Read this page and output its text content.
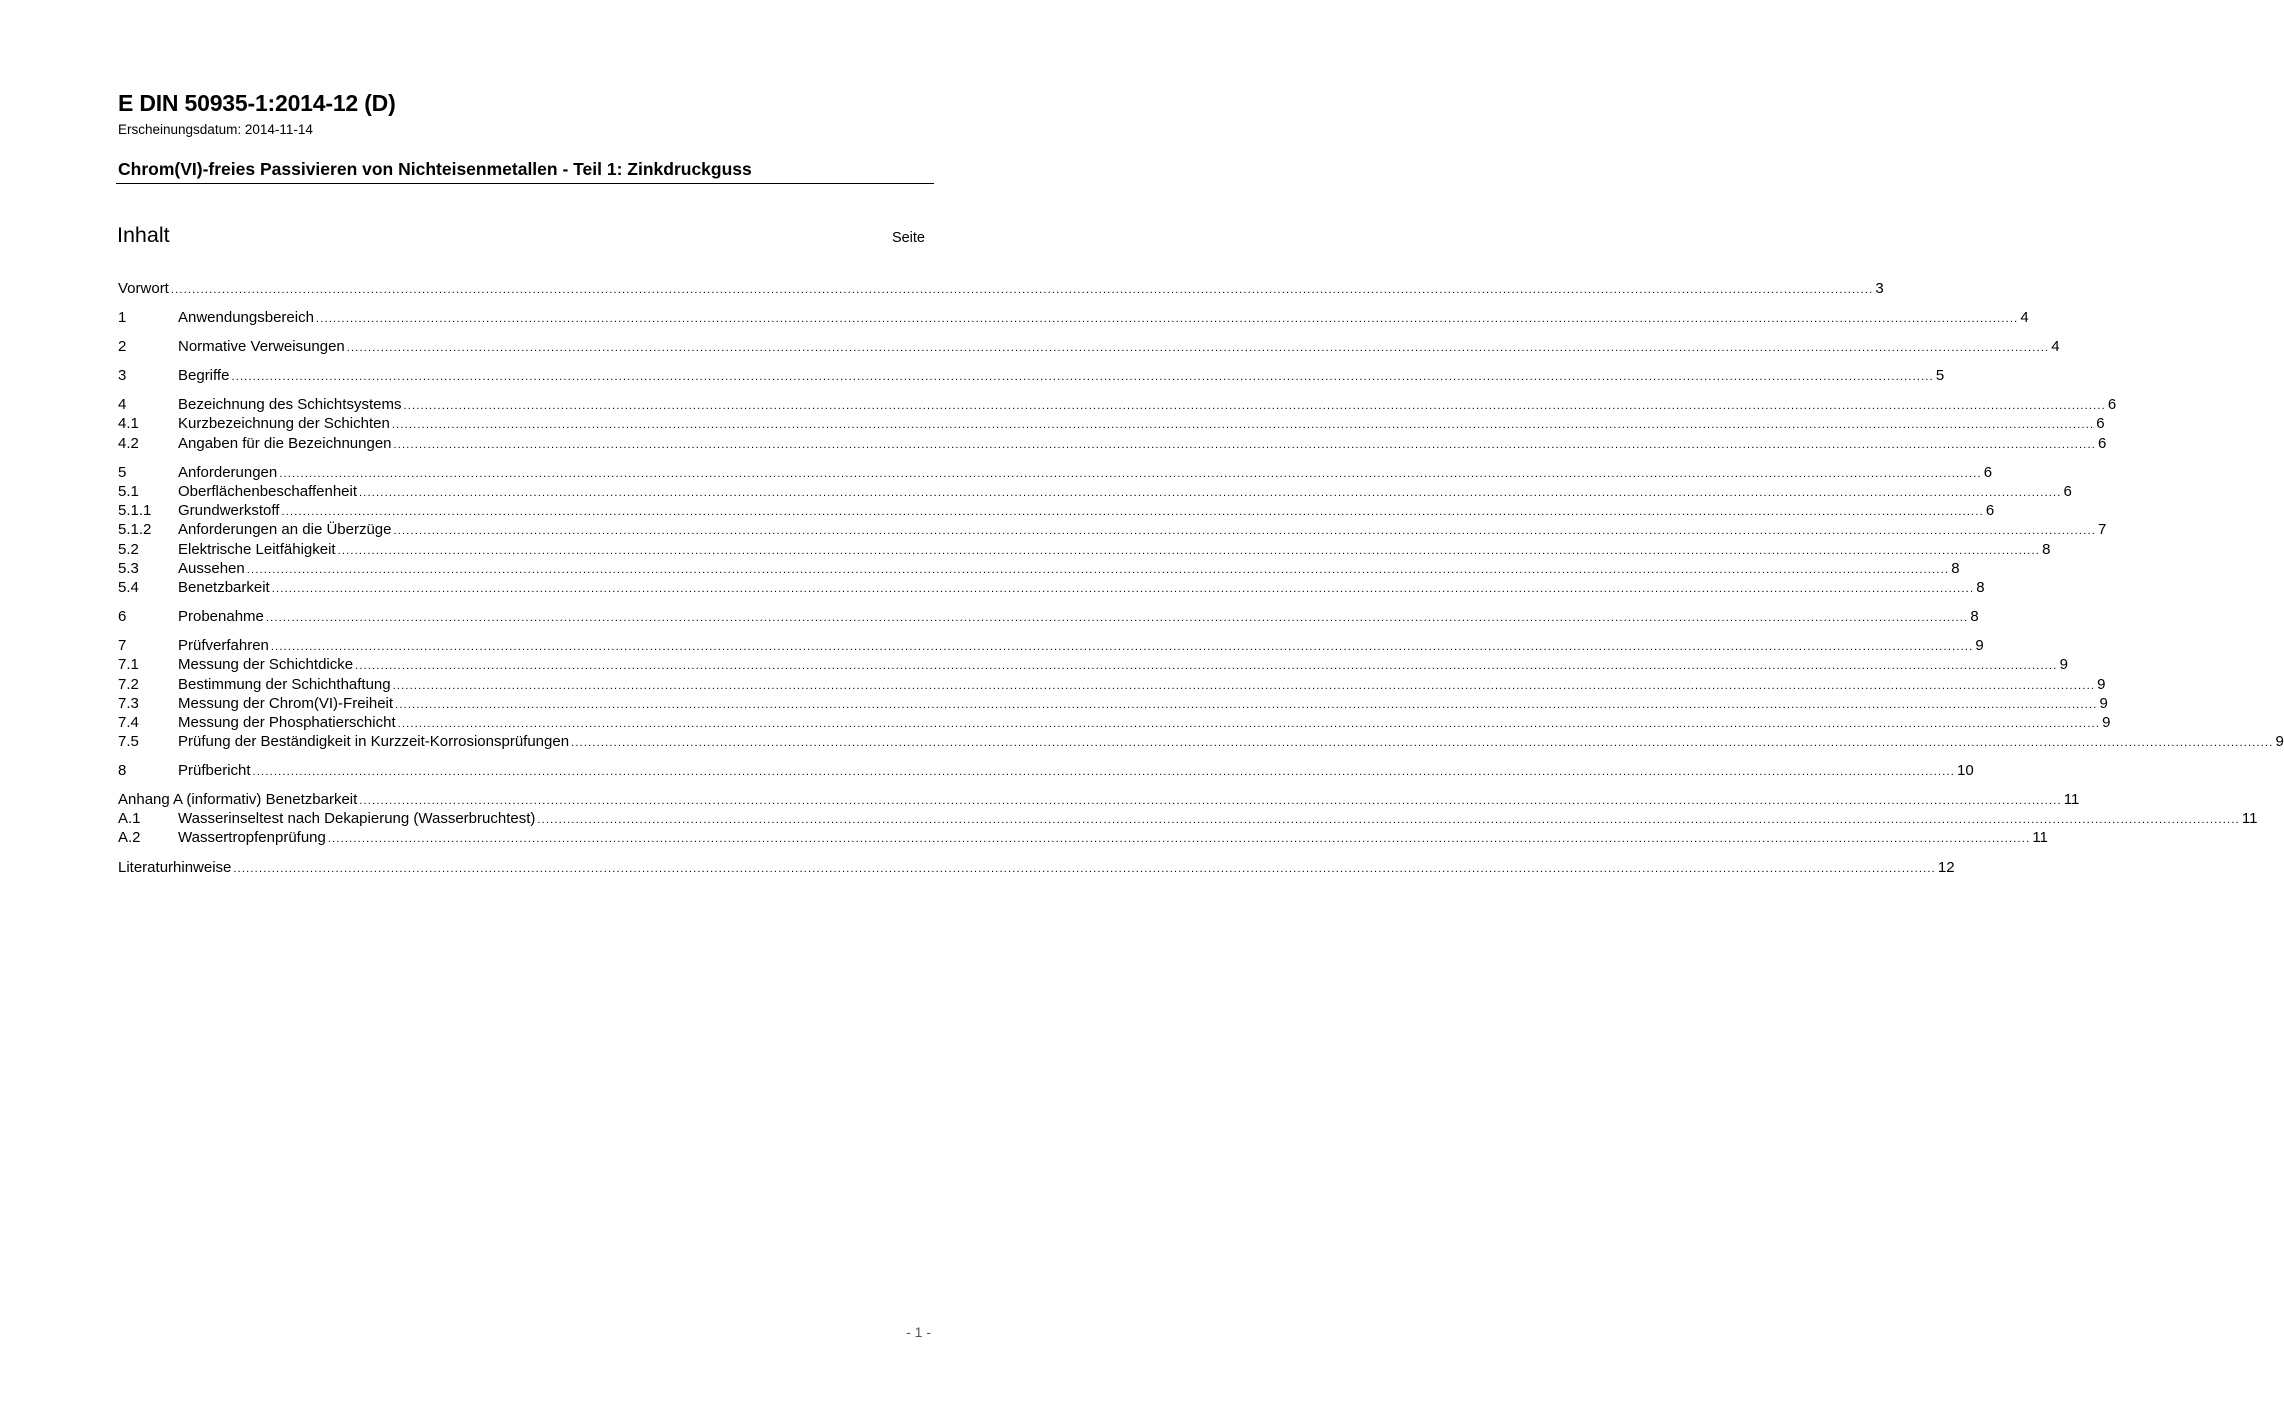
E DIN 50935-1:2014-12 (D)
Erscheinungsdatum: 2014-11-14
Chrom(VI)-freies Passivieren von Nichteisenmetallen - Teil 1: Zinkdruckguss
Inhalt	Seite
Vorwort ................................................................................................................................................................................................................................................................................................................................................................................................................ 3
1	Anwendungsbereich ................................................................................................................................................................................................................................................................................................................................................................................................................ 4
2	Normative Verweisungen ................................................................................................................................................................................................................................................................................................................................................................................................................ 4
3	Begriffe ................................................................................................................................................................................................................................................................................................................................................................................................................ 5
4	Bezeichnung des Schichtsystems ................................................................................................................................................................................................................................................................................................................................................................................................................ 6
4.1	Kurzbezeichnung der Schichten ................................................................................................................................................................................................................................................................................................................................................................................................................ 6
4.2	Angaben für die Bezeichnungen ................................................................................................................................................................................................................................................................................................................................................................................................................ 6
5	Anforderungen ................................................................................................................................................................................................................................................................................................................................................................................................................ 6
5.1	Oberflächenbeschaffenheit ................................................................................................................................................................................................................................................................................................................................................................................................................ 6
5.1.1	Grundwerkstoff ................................................................................................................................................................................................................................................................................................................................................................................................................ 6
5.1.2	Anforderungen an die Überzüge ................................................................................................................................................................................................................................................................................................................................................................................................................ 7
5.2	Elektrische Leitfähigkeit ................................................................................................................................................................................................................................................................................................................................................................................................................ 8
5.3	Aussehen ................................................................................................................................................................................................................................................................................................................................................................................................................ 8
5.4	Benetzbarkeit ................................................................................................................................................................................................................................................................................................................................................................................................................ 8
6	Probenahme ................................................................................................................................................................................................................................................................................................................................................................................................................ 8
7	Prüfverfahren ................................................................................................................................................................................................................................................................................................................................................................................................................ 9
7.1	Messung der Schichtdicke ................................................................................................................................................................................................................................................................................................................................................................................................................ 9
7.2	Bestimmung der Schichthaftung ................................................................................................................................................................................................................................................................................................................................................................................................................ 9
7.3	Messung der Chrom(VI)-Freiheit ................................................................................................................................................................................................................................................................................................................................................................................................................ 9
7.4	Messung der Phosphatierschicht ................................................................................................................................................................................................................................................................................................................................................................................................................ 9
7.5	Prüfung der Beständigkeit in Kurzzeit-Korrosionsprüfungen ................................................................................................................................................................................................................................................................................................................................................................................................................ 9
8	Prüfbericht ................................................................................................................................................................................................................................................................................................................................................................................................................ 10
Anhang A (informativ) Benetzbarkeit ................................................................................................................................................................................................................................................................................................................................................................................................................ 11
A.1	Wasserinseltest nach Dekapierung (Wasserbruchtest) ................................................................................................................................................................................................................................................................................................................................................................................................................ 11
A.2	Wassertropfenprüfung ................................................................................................................................................................................................................................................................................................................................................................................................................ 11
Literaturhinweise ................................................................................................................................................................................................................................................................................................................................................................................................................ 12
- 1 -
